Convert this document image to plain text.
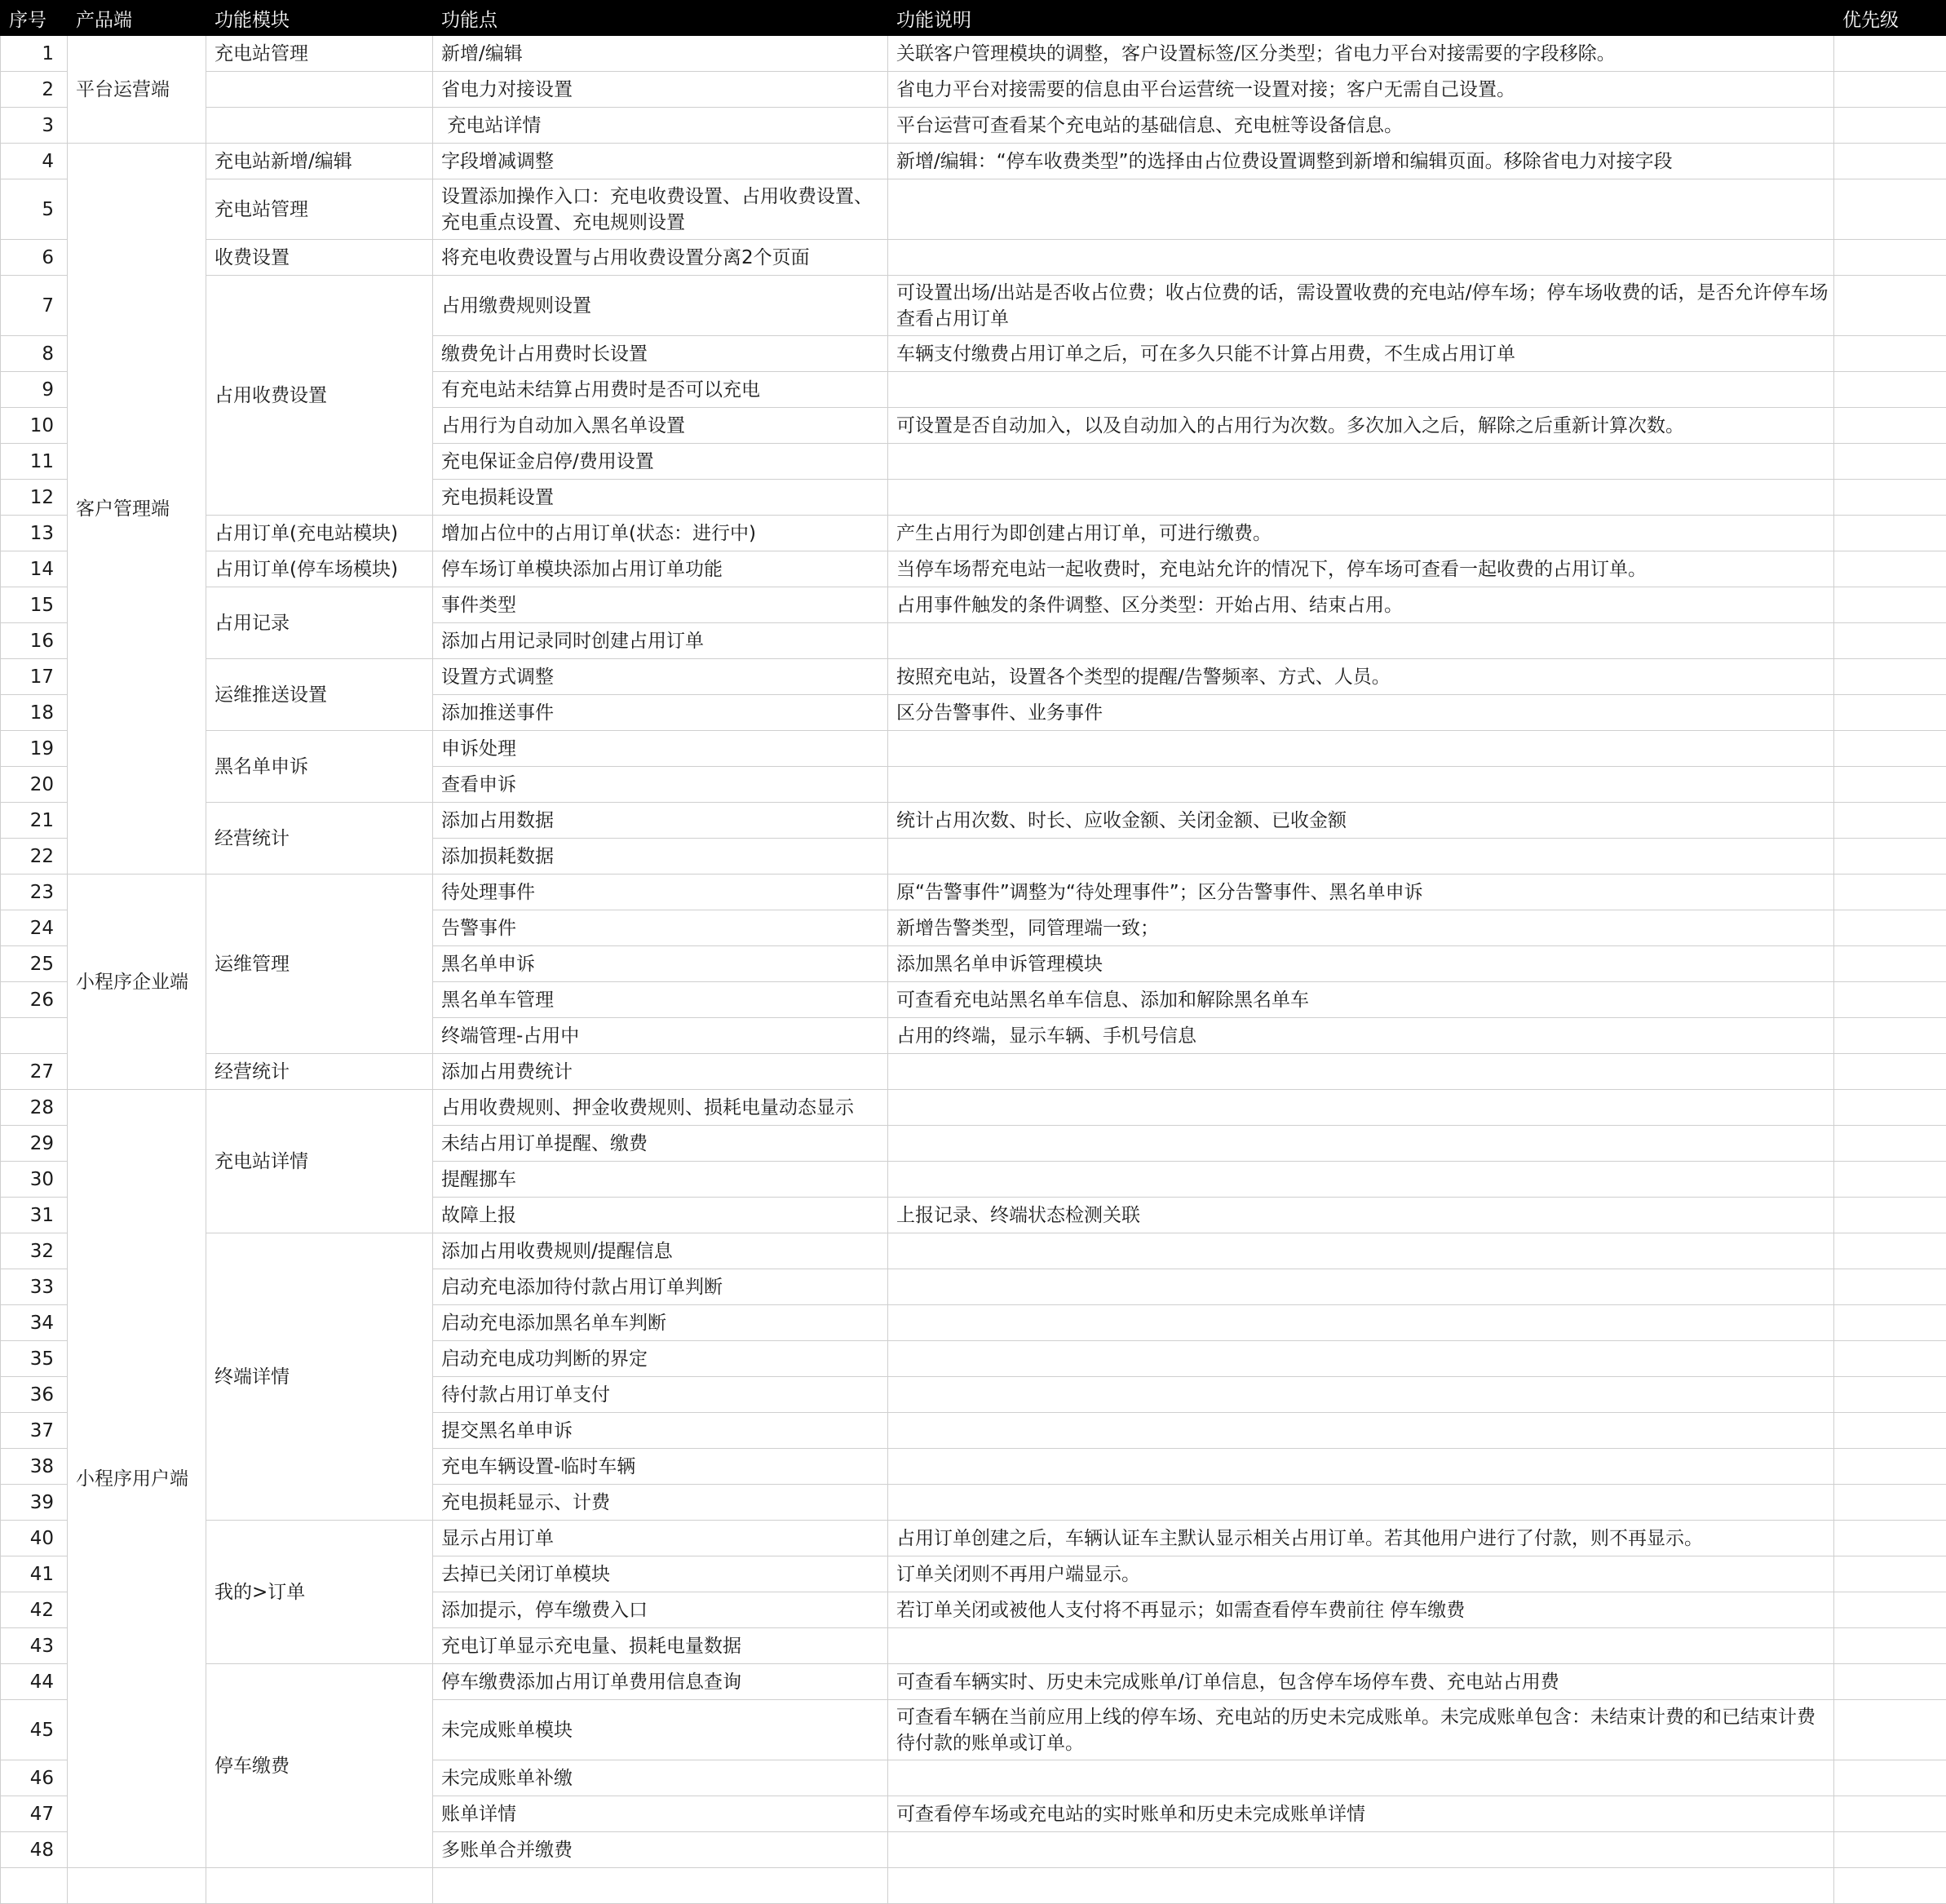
序号	产品端	功能模块	功能点	功能说明	优先级
1	平台运营端	充电站管理	新增/编辑	关联客户管理模块的调整，客户设置标签/区分类型；省电力平台对接需要的字段移除。	
2			省电力对接设置	省电力平台对接需要的信息由平台运营统一设置对接；客户无需自己设置。	
3			充电站详情	平台运营可查看某个充电站的基础信息、充电桩等设备信息。	
4	客户管理端	充电站新增/编辑	字段增减调整	新增/编辑：“停车收费类型”的选择由占位费设置调整到新增和编辑页面。移除省电力对接字段	
5		充电站管理	设置添加操作入口：充电收费设置、占用收费设置、充电重点设置、充电规则设置		
6		收费设置	将充电收费设置与占用收费设置分离2个页面		
7		占用收费设置	占用缴费规则设置	可设置出场/出站是否收占位费；收占位费的话，需设置收费的充电站/停车场；停车场收费的话，是否允许停车场查看占用订单	
8			缴费免计占用费时长设置	车辆支付缴费占用订单之后，可在多久只能不计算占用费，不生成占用订单	
9			有充电站未结算占用费时是否可以充电		
10			占用行为自动加入黑名单设置	可设置是否自动加入，以及自动加入的占用行为次数。多次加入之后，解除之后重新计算次数。	
11			充电保证金启停/费用设置		
12			充电损耗设置		
13		占用订单(充电站模块)	增加占位中的占用订单(状态：进行中)	产生占用行为即创建占用订单，可进行缴费。	
14		占用订单(停车场模块)	停车场订单模块添加占用订单功能	当停车场帮充电站一起收费时，充电站允许的情况下，停车场可查看一起收费的占用订单。	
15		占用记录	事件类型	占用事件触发的条件调整、区分类型：开始占用、结束占用。	
16			添加占用记录同时创建占用订单		
17		运维推送设置	设置方式调整	按照充电站，设置各个类型的提醒/告警频率、方式、人员。	
18			添加推送事件	区分告警事件、业务事件	
19		黑名单申诉	申诉处理		
20			查看申诉		
21		经营统计	添加占用数据	统计占用次数、时长、应收金额、关闭金额、已收金额	
22			添加损耗数据		
23	小程序企业端	运维管理	待处理事件	原“告警事件”调整为“待处理事件”；区分告警事件、黑名单申诉	
24			告警事件	新增告警类型，同管理端一致；	
25			黑名单申诉	添加黑名单申诉管理模块	
26			黑名单车管理	可查看充电站黑名单车信息、添加和解除黑名单车	
			终端管理-占用中	占用的终端，显示车辆、手机号信息	
27		经营统计	添加占用费统计		
28	小程序用户端	充电站详情	占用收费规则、押金收费规则、损耗电量动态显示		
29			未结占用订单提醒、缴费		
30			提醒挪车		
31			故障上报	上报记录、终端状态检测关联	
32		终端详情	添加占用收费规则/提醒信息		
33			启动充电添加待付款占用订单判断		
34			启动充电添加黑名单车判断		
35			启动充电成功判断的界定		
36			待付款占用订单支付		
37			提交黑名单申诉		
38			充电车辆设置-临时车辆		
39			充电损耗显示、计费		
40		我的>订单	显示占用订单	占用订单创建之后，车辆认证车主默认显示相关占用订单。若其他用户进行了付款，则不再显示。	
41			去掉已关闭订单模块	订单关闭则不再用户端显示。	
42			添加提示，停车缴费入口	若订单关闭或被他人支付将不再显示；如需查看停车费前往 停车缴费	
43			充电订单显示充电量、损耗电量数据		
44		停车缴费	停车缴费添加占用订单费用信息查询	可查看车辆实时、历史未完成账单/订单信息，包含停车场停车费、充电站占用费	
45			未完成账单模块	可查看车辆在当前应用上线的停车场、充电站的历史未完成账单。未完成账单包含：未结束计费的和已结束计费待付款的账单或订单。	
46			未完成账单补缴		
47			账单详情	可查看停车场或充电站的实时账单和历史未完成账单详情	
48			多账单合并缴费		
